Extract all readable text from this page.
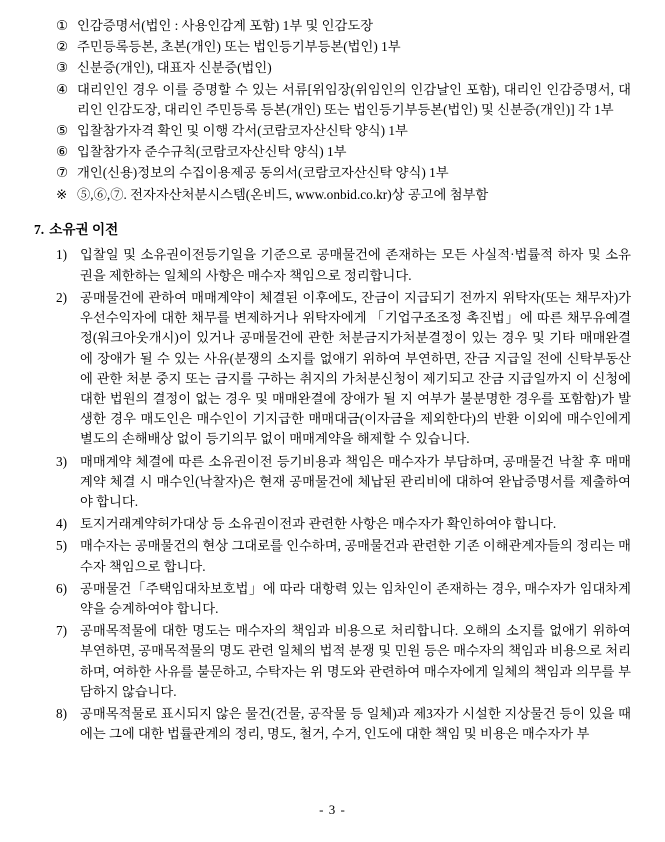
① 인감증명서(법인 : 사용인감계 포함) 1부 및 인감도장
② 주민등록등본, 초본(개인) 또는 법인등기부등본(법인) 1부
③ 신분증(개인), 대표자 신분증(법인)
④ 대리인인 경우 이를 증명할 수 있는 서류[위임장(위임인의 인감날인 포함), 대리인 인감증명서, 대리인 인감도장, 대리인 주민등록 등본(개인) 또는 법인등기부등본(법인) 및 신분증(개인)] 각 1부
⑤ 입찰참가자격 확인 및 이행 각서(코람코자산신탁 양식) 1부
⑥ 입찰참가자 준수규칙(코람코자산신탁 양식) 1부
⑦ 개인(신용)정보의 수집이용제공 동의서(코람코자산신탁 양식) 1부
※ ⑤,⑥,⑦. 전자자산처분시스템(온비드, www.onbid.co.kr)상 공고에 첨부함
7. 소유권 이전
1) 입찰일 및 소유권이전등기일을 기준으로 공매물건에 존재하는 모든 사실적·법률적 하자 및 소유권을 제한하는 일체의 사항은 매수자 책임으로 정리합니다.
2) 공매물건에 관하여 매매계약이 체결된 이후에도, 잔금이 지급되기 전까지 위탁자(또는 채무자)가 우선수익자에 대한 채무를 변제하거나 위탁자에게 「기업구조조정 촉진법」에 따른 채무유예결정(워크아웃개시)이 있거나 공매물건에 관한 처분금지가처분결정이 있는 경우 및 기타 매매완결에 장애가 될 수 있는 사유(분쟁의 소지를 없애기 위하여 부연하면, 잔금 지급일 전에 신탁부동산에 관한 처분 중지 또는 금지를 구하는 취지의 가처분신청이 제기되고 잔금 지급일까지 이 신청에 대한 법원의 결정이 없는 경우 및 매매완결에 장애가 될 지 여부가 불분명한 경우를 포함함)가 발생한 경우 매도인은 매수인이 기지급한 매매대금(이자금을 제외한다)의 반환 이외에 매수인에게 별도의 손해배상 없이 등기의무 없이 매매계약을 해제할 수 있습니다.
3) 매매계약 체결에 따른 소유권이전 등기비용과 책임은 매수자가 부담하며, 공매물건 낙찰 후 매매계약 체결 시 매수인(낙찰자)은 현재 공매물건에 체납된 관리비에 대하여 완납증명서를 제출하여야 합니다.
4) 토지거래계약허가대상 등 소유권이전과 관련한 사항은 매수자가 확인하여야 합니다.
5) 매수자는 공매물건의 현상 그대로를 인수하며, 공매물건과 관련한 기존 이해관계자들의 정리는 매수자 책임으로 합니다.
6) 공매물건「주택임대차보호법」에 따라 대항력 있는 임차인이 존재하는 경우, 매수자가 임대차계약을 승계하여야 합니다.
7) 공매목적물에 대한 명도는 매수자의 책임과 비용으로 처리합니다. 오해의 소지를 없애기 위하여 부연하면, 공매목적물의 명도 관련 일체의 법적 분쟁 및 민원 등은 매수자의 책임과 비용으로 처리하며, 여하한 사유를 불문하고, 수탁자는 위 명도와 관련하여 매수자에게 일체의 책임과 의무를 부담하지 않습니다.
8) 공매목적물로 표시되지 않은 물건(건물, 공작물 등 일체)과 제3자가 시설한 지상물건 등이 있을 때에는 그에 대한 법률관계의 정리, 명도, 철거, 수거, 인도에 대한 책임 및 비용은 매수자가 부
- 3 -
